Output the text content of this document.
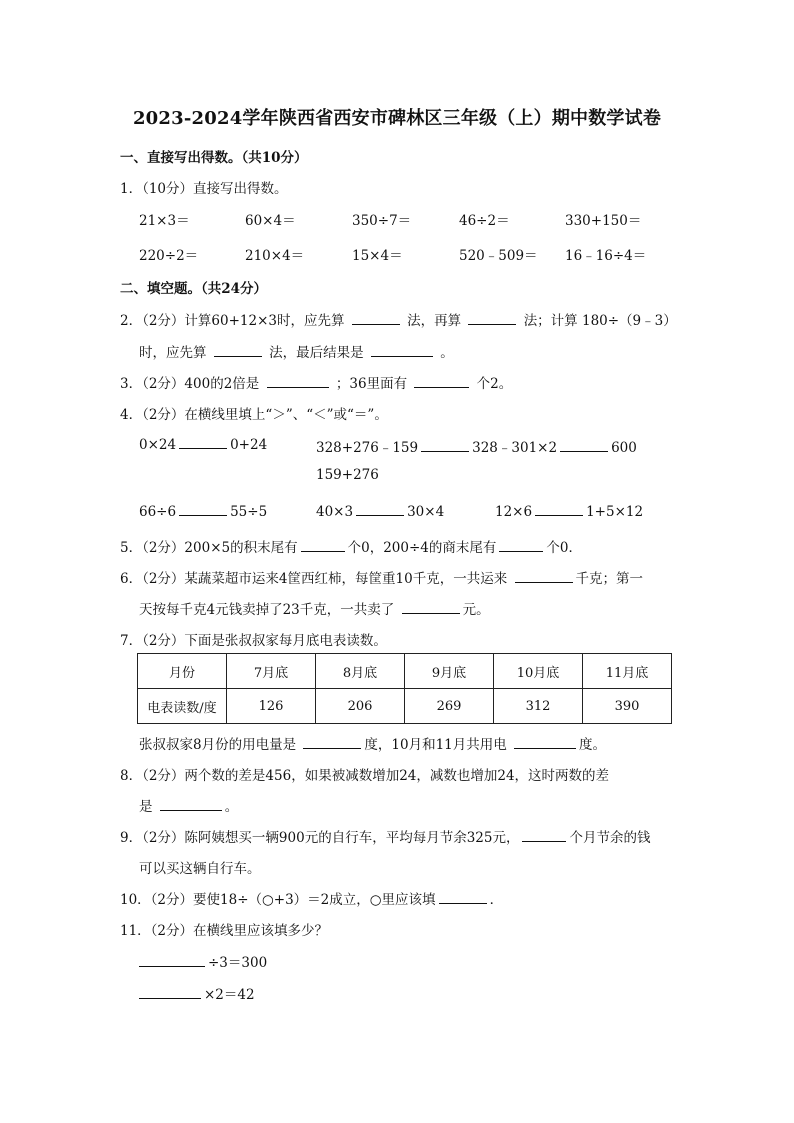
2023-2024学年陕西省西安市碑林区三年级（上）期中数学试卷
一、直接写出得数。（共10分）
1．（10分）直接写出得数。
21×3＝	60×4＝	350÷7＝	46÷2＝	330+150＝
220÷2＝	210×4＝	15×4＝	520﹣509＝ 16﹣16÷4＝
二、填空题。（共24分）
2．（2分）计算60+12×3时，应先算	法，再算	法；计算 180÷（9﹣3）
时，应先算	法，最后结果是	。
3．（2分）400的2倍是	；36里面有	个2。
4．（2分）在横线里填上“＞”、“＜”或“＝”。
0×24	0+24	328+276﹣159	328﹣301×2	600
159+276
66÷6	55÷5	40×3	30×4	12×6	1+5×12
5．（2分）200×5的积末尾有	个0，200÷4的商末尾有	个0．
6．（2分）某蔬菜超市运来4筐西红柿，每筐重10千克，一共运来	千克；第一
天按每千克4元钱卖掉了23千克，一共卖了	元。
7．（2分）下面是张叔叔家每月底电表读数。
月份	7月底	8月底	9月底	10月底	11月底
电表读数/度	126	206	269	312	390
张叔叔家8月份的用电量是	度，10月和11月共用电	度。
8．（2分）两个数的差是456，如果被减数增加24，减数也增加24，这时两数的差
是	。
9．（2分）陈阿姨想买一辆900元的自行车，平均每月节余325元，	个月节余的钱
可以买这辆自行车。
10．（2分）要使18÷（○+3）＝2成立，○里应该填	．
11．（2分）在横线里应该填多少？
÷3＝300
×2＝42
